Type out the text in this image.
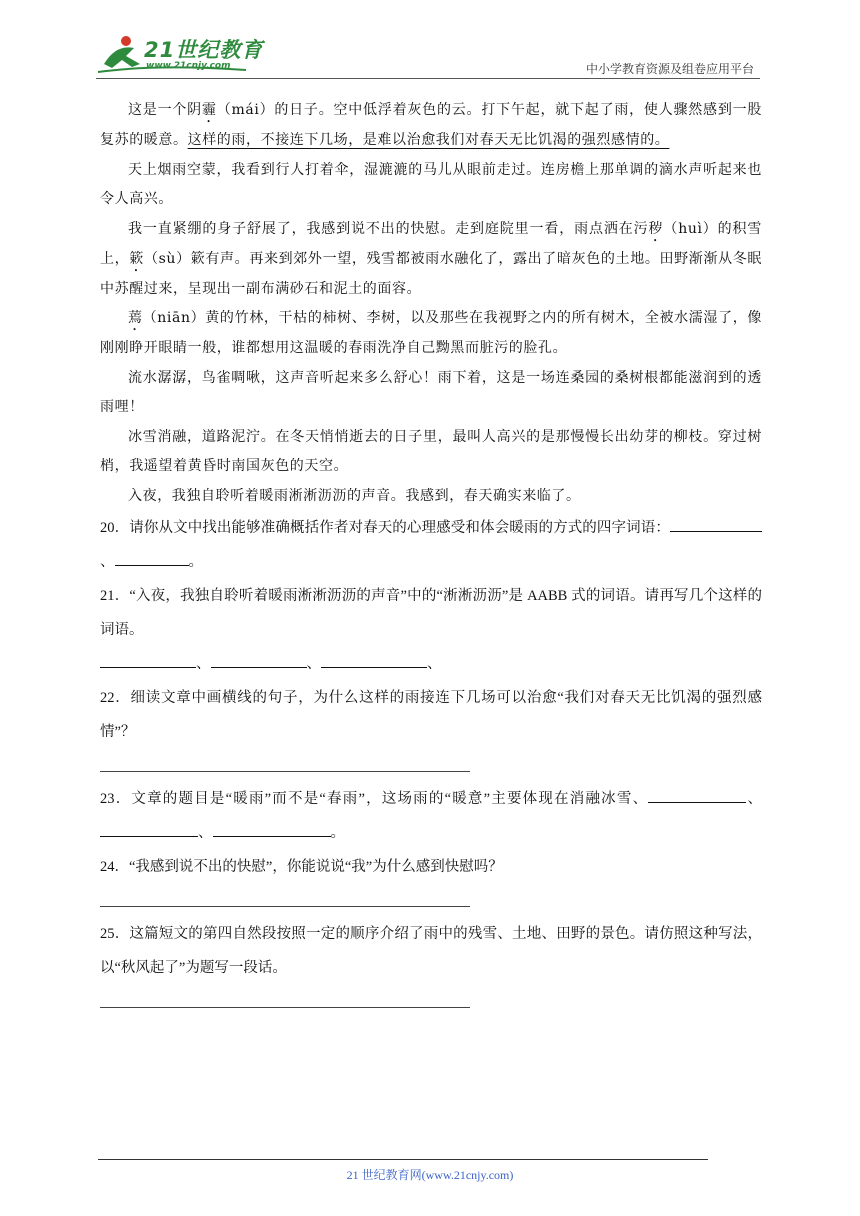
21世纪教育
www.21cnjy.com	中小学教育资源及组卷应用平台

这是一个阴霾（mái）的日子。空中低浮着灰色的云。打下午起，就下起了雨，使人骤然感到一股复苏的暖意。这样的雨，不接连下几场，是难以治愈我们对春天无比饥渴的强烈感情的。

天上烟雨空蒙，我看到行人打着伞，湿漉漉的马儿从眼前走过。连房檐上那单调的滴水声听起来也令人高兴。

我一直紧绷的身子舒展了，我感到说不出的快慰。走到庭院里一看，雨点洒在污秽（huì）的积雪上，簌（sù）簌有声。再来到郊外一望，残雪都被雨水融化了，露出了暗灰色的土地。田野渐渐从冬眠中苏醒过来，呈现出一副布满砂石和泥土的面容。

蔫（niān）黄的竹林，干枯的柿树、李树，以及那些在我视野之内的所有树木，全被水濡湿了，像刚刚睁开眼睛一般，谁都想用这温暖的春雨洗净自己黝黑而脏污的脸孔。

流水潺潺，鸟雀啁啾，这声音听起来多么舒心！雨下着，这是一场连桑园的桑树根都能滋润到的透雨哩！

冰雪消融，道路泥泞。在冬天悄悄逝去的日子里，最叫人高兴的是那慢慢长出幼芽的柳枝。穿过树梢，我遥望着黄昏时南国灰色的天空。

入夜，我独自聆听着暖雨淅淅沥沥的声音。我感到，春天确实来临了。

20．请你从文中找出能够准确概括作者对春天的心理感受和体会暖雨的方式的四字词语：、	。

21．“入夜，我独自聆听着暖雨淅淅沥沥的声音”中的“淅淅沥沥”是 AABB 式的词语。请再写几个这样的词语。

、	、	、

22．细读文章中画横线的句子，为什么这样的雨接连下几场可以治愈“我们对春天无比饥渴的强烈感情”？

23．文章的题目是“暖雨”而不是“春雨”，这场雨的“暖意”主要体现在消融冰雪、	、、	。

24．“我感到说不出的快慰”，你能说说“我”为什么感到快慰吗？

25．这篇短文的第四自然段按照一定的顺序介绍了雨中的残雪、土地、田野的景色。请仿照这种写法，以“秋风起了”为题写一段话。

21 世纪教育网(www.21cnjy.com)
